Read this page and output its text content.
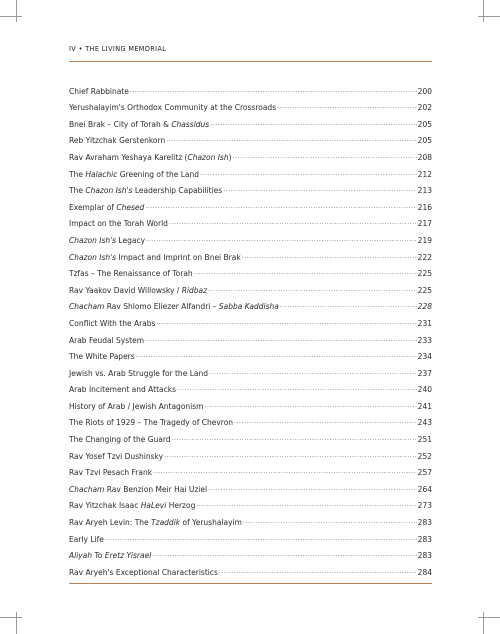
IV • THE LIVING MEMORIAL
Chief Rabbinate .....	200
Yerushalayim's Orthodox Community at the Crossroads .....	202
Bnei Brak – City of Torah & Chassidus .....	205
Reb Yitzchak Gerstenkorn .....	205
Rav Avraham Yeshaya Karelitz (Chazon Ish) .....	208
The Halachic Greening of the Land .....	212
The Chazon Ish's Leadership Capabilities .....	213
Exemplar of Chesed .....	216
Impact on the Torah World .....	217
Chazon Ish's Legacy .....	219
Chazon Ish's Impact and Imprint on Bnei Brak .....	222
Tzfas – The Renaissance of Torah .....	225
Rav Yaakov David Willowsky / Ridbaz .....	225
Chacham Rav Shlomo Eliezer Alfandri – Sabba Kaddisha .....	228
Conflict With the Arabs .....	231
Arab Feudal System .....	233
The White Papers .....	234
Jewish vs. Arab Struggle for the Land .....	237
Arab Incitement and Attacks .....	240
History of Arab / Jewish Antagonism .....	241
The Riots of 1929 – The Tragedy of Chevron .....	243
The Changing of the Guard .....	251
Rav Yosef Tzvi Dushinsky .....	252
Rav Tzvi Pesach Frank .....	257
Chacham Rav Benzion Meir Hai Uziel .....	264
Rav Yitzchak Isaac HaLevi Herzog .....	273
Rav Aryeh Levin: The Tzaddik of Yerushalayim .....	283
Early Life .....	283
Aliyah To Eretz Yisrael .....	283
Rav Aryeh's Exceptional Characteristics .....	284
